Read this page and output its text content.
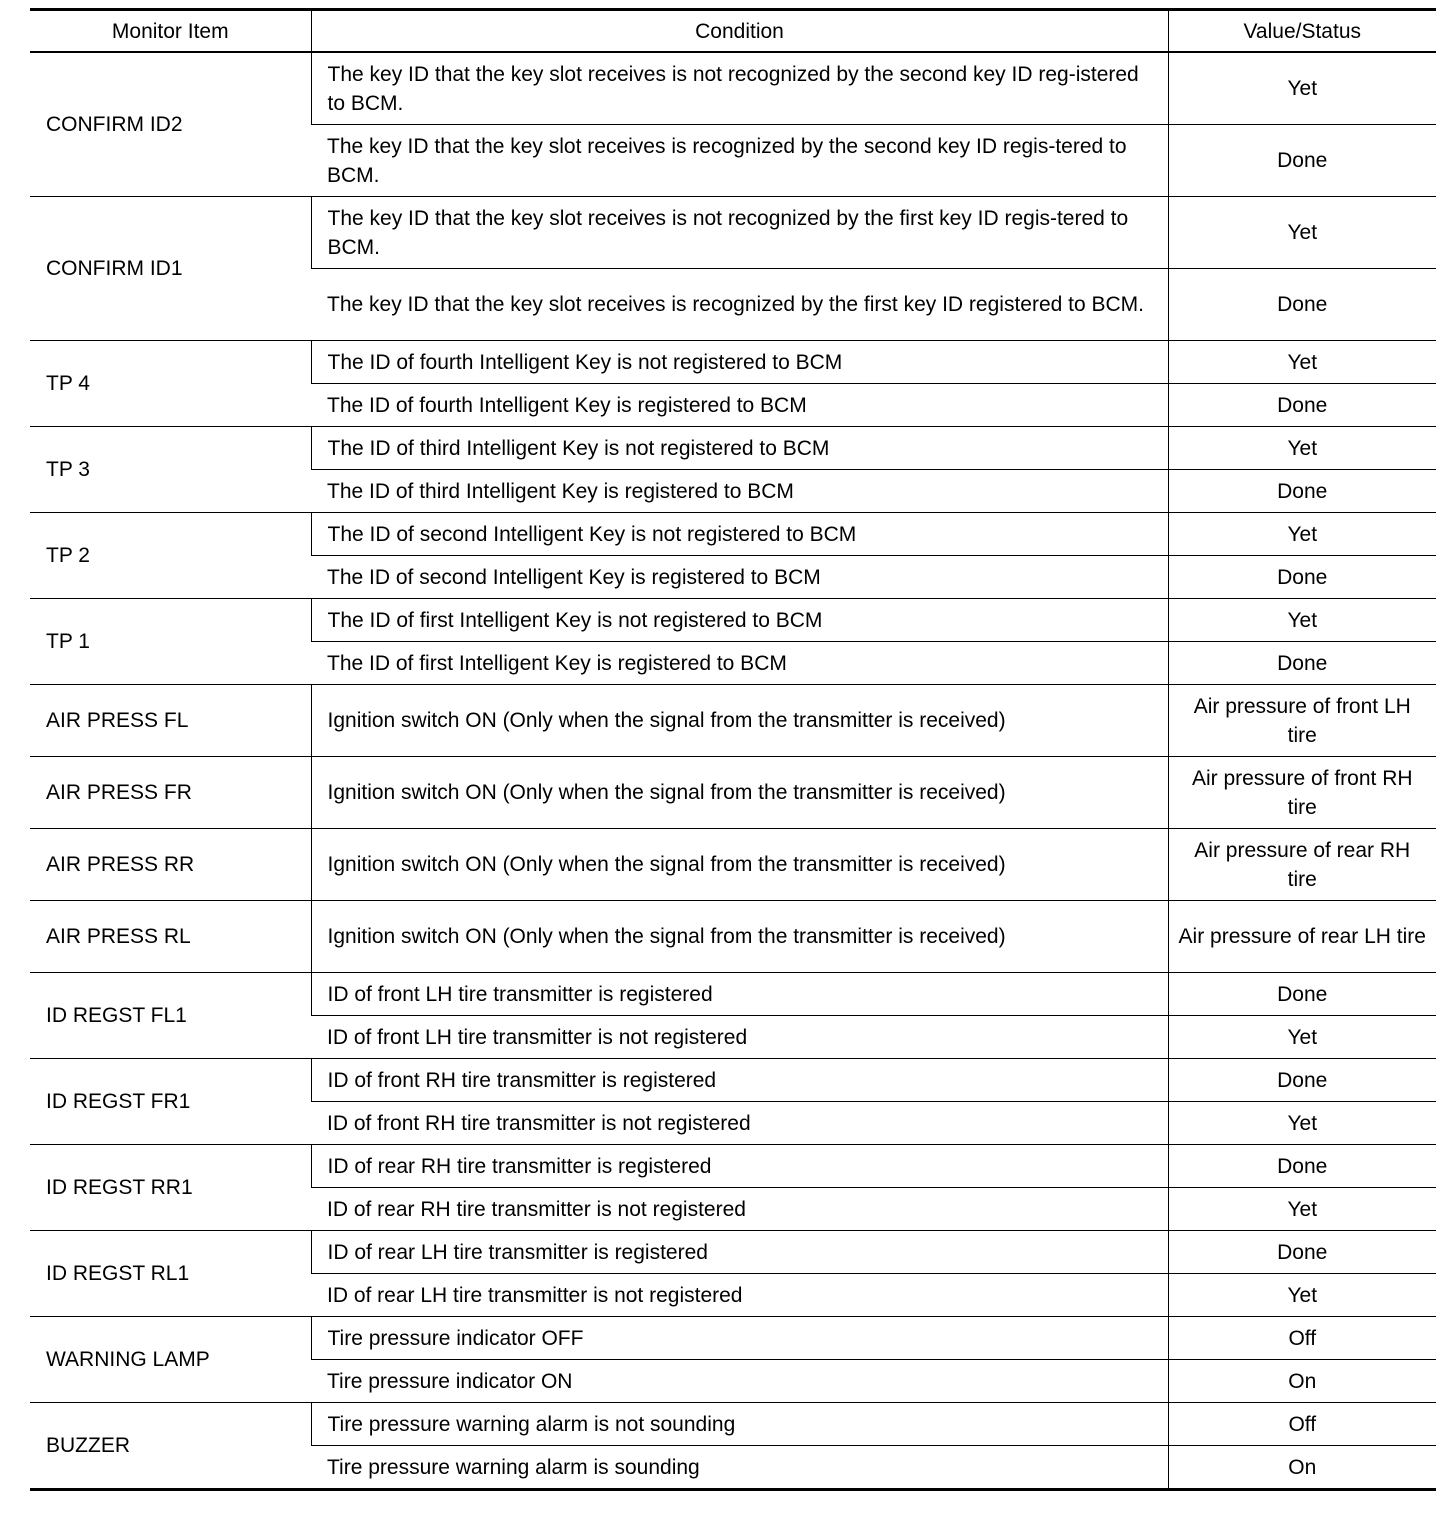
Monitor Item	Condition	Value/Status
CONFIRM ID2	The key ID that the key slot receives is not recognized by the second key ID reg-istered to BCM.	Yet
	The key ID that the key slot receives is recognized by the second key ID regis-tered to BCM.	Done
CONFIRM ID1	The key ID that the key slot receives is not recognized by the first key ID regis-tered to BCM.	Yet
	The key ID that the key slot receives is recognized by the first key ID registered to BCM.	Done
TP 4	The ID of fourth Intelligent Key is not registered to BCM	Yet
	The ID of fourth Intelligent Key is registered to BCM	Done
TP 3	The ID of third Intelligent Key is not registered to BCM	Yet
	The ID of third Intelligent Key is registered to BCM	Done
TP 2	The ID of second Intelligent Key is not registered to BCM	Yet
	The ID of second Intelligent Key is registered to BCM	Done
TP 1	The ID of first Intelligent Key is not registered to BCM	Yet
	The ID of first Intelligent Key is registered to BCM	Done
AIR PRESS FL	Ignition switch ON (Only when the signal from the transmitter is received)	Air pressure of front LH tire
AIR PRESS FR	Ignition switch ON (Only when the signal from the transmitter is received)	Air pressure of front RH tire
AIR PRESS RR	Ignition switch ON (Only when the signal from the transmitter is received)	Air pressure of rear RH tire
AIR PRESS RL	Ignition switch ON (Only when the signal from the transmitter is received)	Air pressure of rear LH tire
ID REGST FL1	ID of front LH tire transmitter is registered	Done
	ID of front LH tire transmitter is not registered	Yet
ID REGST FR1	ID of front RH tire transmitter is registered	Done
	ID of front RH tire transmitter is not registered	Yet
ID REGST RR1	ID of rear RH tire transmitter is registered	Done
	ID of rear RH tire transmitter is not registered	Yet
ID REGST RL1	ID of rear LH tire transmitter is registered	Done
	ID of rear LH tire transmitter is not registered	Yet
WARNING LAMP	Tire pressure indicator OFF	Off
	Tire pressure indicator ON	On
BUZZER	Tire pressure warning alarm is not sounding	Off
	Tire pressure warning alarm is sounding	On
